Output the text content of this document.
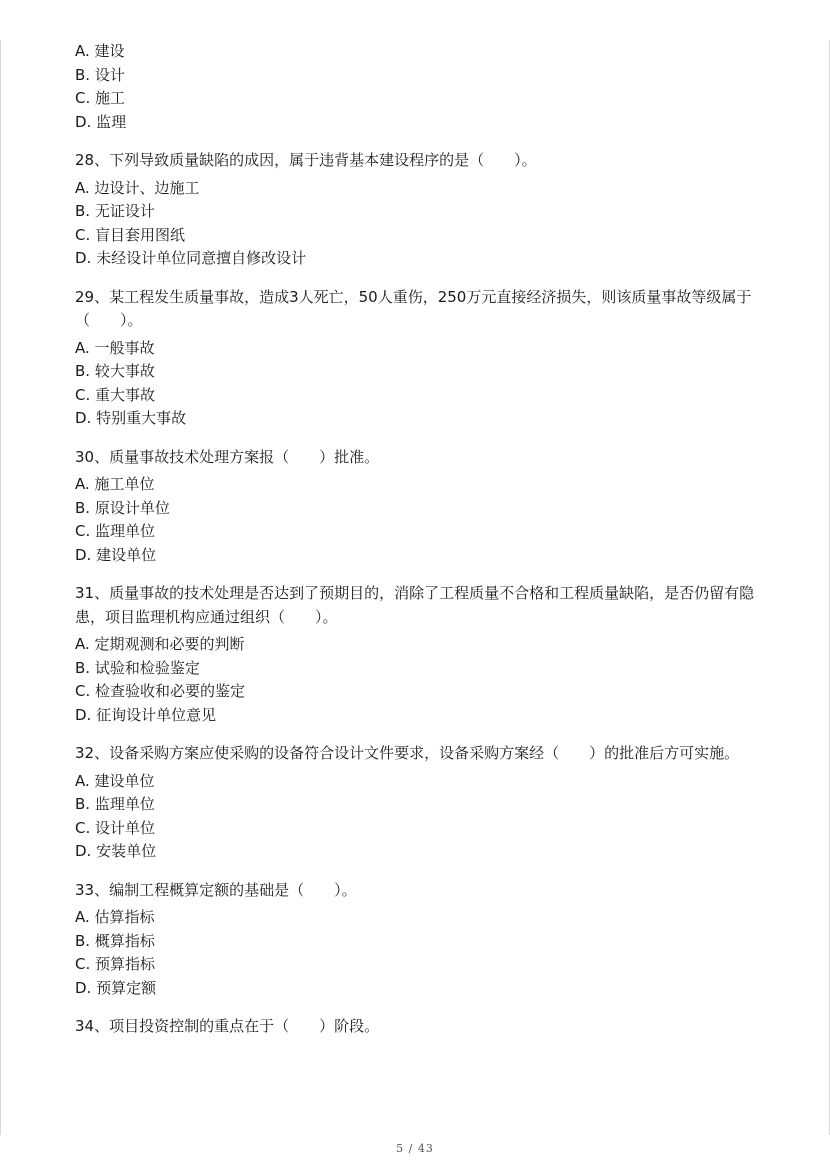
A. 建设
B. 设计
C. 施工
D. 监理
28、下列导致质量缺陷的成因，属于违背基本建设程序的是（　　）。
A. 边设计、边施工
B. 无证设计
C. 盲目套用图纸
D. 未经设计单位同意擅自修改设计
29、某工程发生质量事故，造成3人死亡，50人重伤，250万元直接经济损失，则该质量事故等级属于（　　）。
A. 一般事故
B. 较大事故
C. 重大事故
D. 特别重大事故
30、质量事故技术处理方案报（　　）批准。
A. 施工单位
B. 原设计单位
C. 监理单位
D. 建设单位
31、质量事故的技术处理是否达到了预期目的，消除了工程质量不合格和工程质量缺陷，是否仍留有隐患，项目监理机构应通过组织（　　）。
A. 定期观测和必要的判断
B. 试验和检验鉴定
C. 检查验收和必要的鉴定
D. 征询设计单位意见
32、设备采购方案应使采购的设备符合设计文件要求，设备采购方案经（　　）的批准后方可实施。
A. 建设单位
B. 监理单位
C. 设计单位
D. 安装单位
33、编制工程概算定额的基础是（　　）。
A. 估算指标
B. 概算指标
C. 预算指标
D. 预算定额
34、项目投资控制的重点在于（　　）阶段。
5 / 43
